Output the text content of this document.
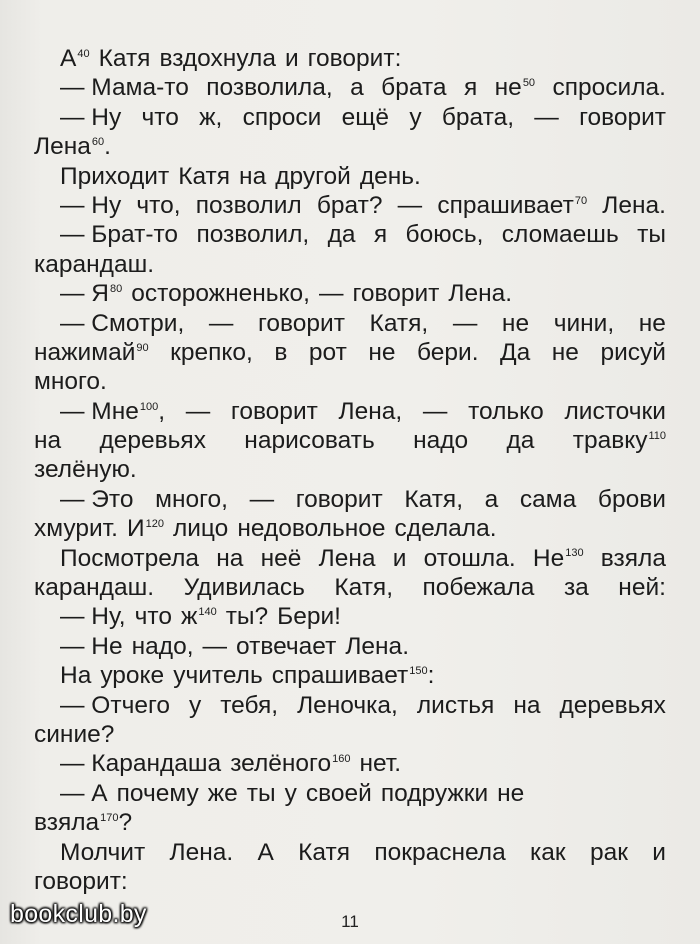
А$^{40}$ Катя вздохнула и говорит:
— Мама-то позволила, а брата я не$^{50}$ спросила.
— Ну что ж, спроси ещё у брата, — говорит
Лена$^{60}$.
Приходит Катя на другой день.
— Ну что, позволил брат? — спрашивает$^{70}$ Лена.
— Брат-то позволил, да я боюсь, сломаешь ты
карандаш.
— Я$^{80}$ осторожненько, — говорит Лена.
— Смотри, — говорит Катя, — не чини, не
нажимай$^{90}$ крепко, в рот не бери. Да не рисуй
много.
— Мне$^{100}$, — говорит Лена, — только листочки
на деревьях нарисовать надо да травку$^{110}$
зелёную.
— Это много, — говорит Катя, а сама брови
хмурит. И$^{120}$ лицо недовольное сделала.
Посмотрела на неё Лена и отошла. Не$^{130}$ взяла
карандаш. Удивилась Катя, побежала за ней:
— Ну, что ж$^{140}$ ты? Бери!
— Не надо, — отвечает Лена.
На уроке учитель спрашивает$^{150}$:
— Отчего у тебя, Леночка, листья на деревьях
синие?
— Карандаша зелёного$^{160}$ нет.
— А почему же ты у своей подружки не
взяла$^{170}$?
Молчит Лена. А Катя покраснела как рак и
говорит:
11
bookclub.by
